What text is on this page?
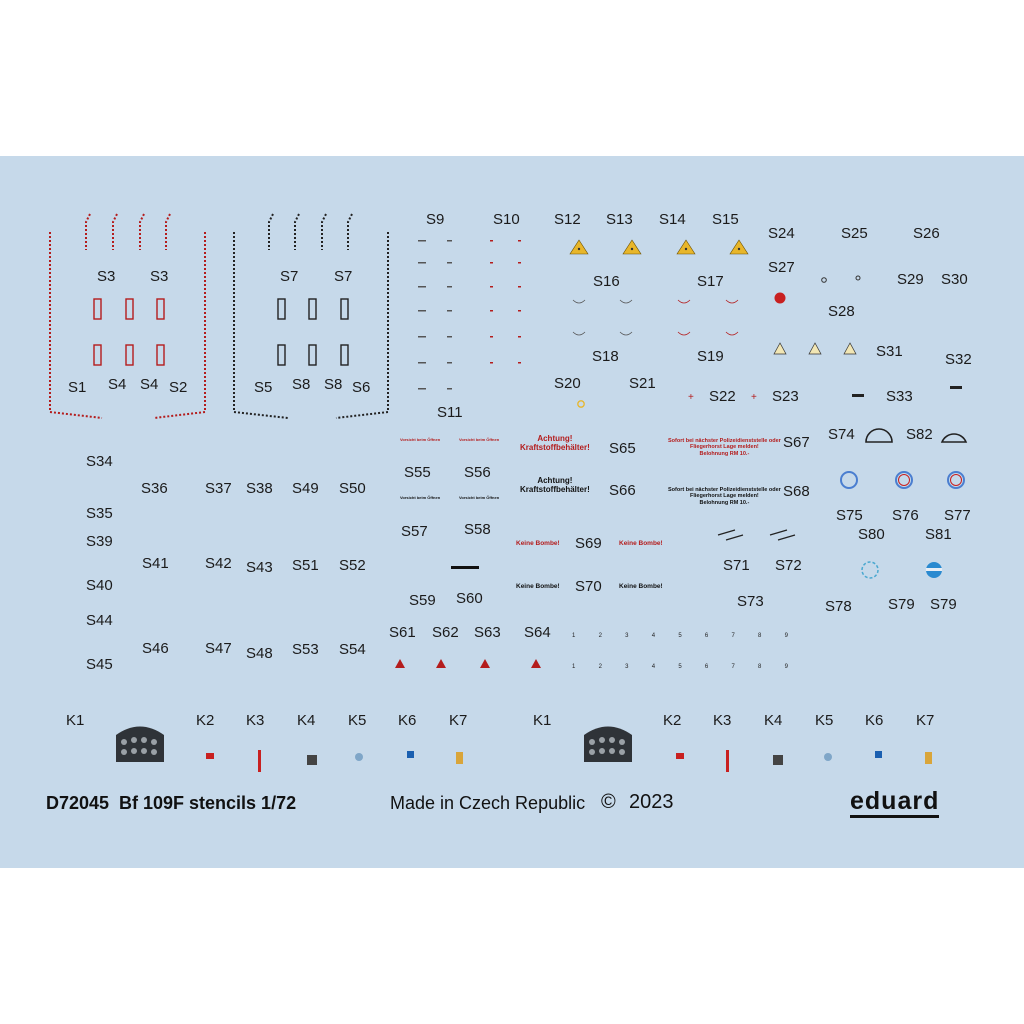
+	+
S3 S3
S1 S4 S4 S2
S7 S7
S5 S8 S8 S6
S9	S10
S11
S12 S13 S14 S15
S16	S17
S18	S19
S20	S21
S22 S23
S24	S25	S26
S27
S28
S29 S30
S31	S32
S33
S34
S35
S36 S37 S38 S49 S50
S39
S40
S41 S42 S43 S51 S52
S44
S45
S46 S47 S48 S53 S54
S55 S56
S57 S58
S59 S60
S61 S62 S63 S64
S65
S66
S67
S68
S69
S70
S71 S72
S73
S74	S82
S75 S76 S77
S80	S81
S78 S79 S79
K1	K2 K3 K4 K5 K6 K7	K1	K2 K3 K4 K5 K6 K7
Achtung!
Kraftstoffbehälter!
Achtung!
Kraftstoffbehälter!
Sofort bei nächster Polizeidienststelle oder
Fliegerhorst Lage melden!
Belohnung RM 10.-
Sofort bei nächster Polizeidienststelle oder
Fliegerhorst Lage melden!
Belohnung RM 10.-
Keine Bombe!	Keine Bombe!
Keine Bombe!	Keine Bombe!
Vorsicht beim Öffnen	Vorsicht beim Öffnen
Vorsicht beim Öffnen	Vorsicht beim Öffnen
1	2	3	4	5	6	7	8	9
1	2	3	4	5	6	7	8	9
D72045 Bf 109F stencils 1/72	Made in Czech Republic © 2023	eduard
